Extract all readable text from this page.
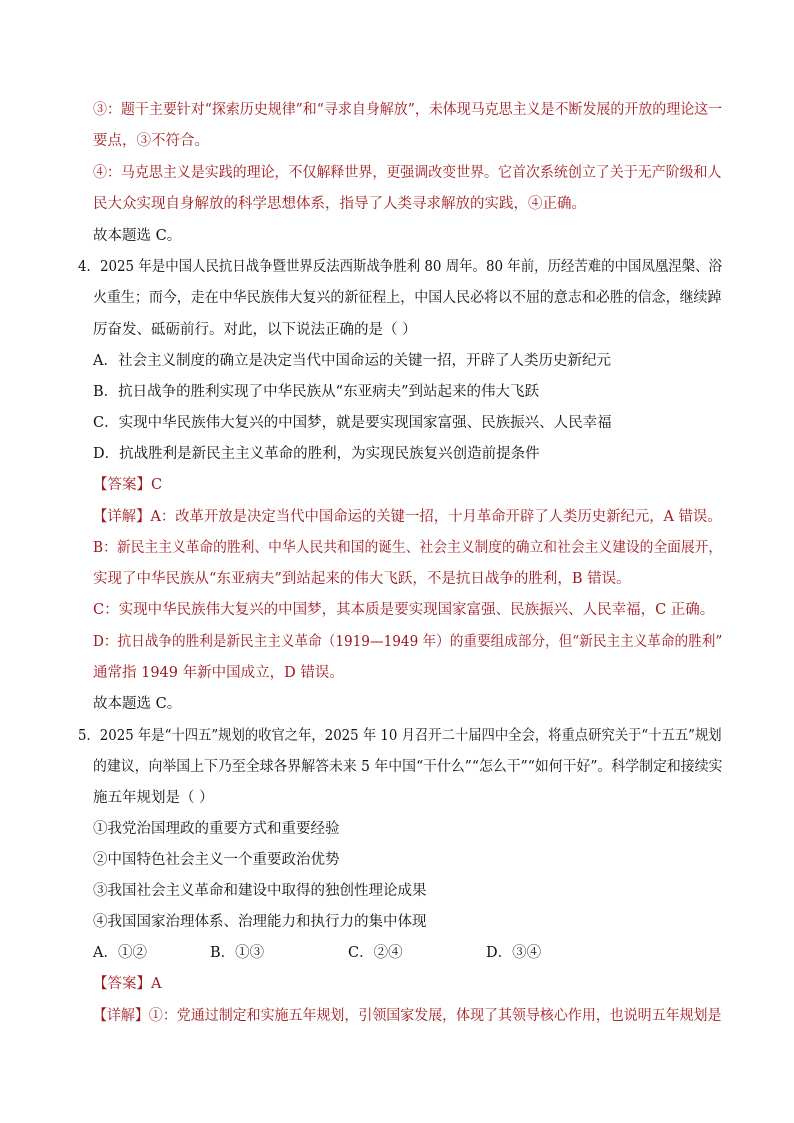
③：题干主要针对“探索历史规律”和“寻求自身解放”，未体现马克思主义是不断发展的开放的理论这一
要点，③不符合。
④：马克思主义是实践的理论，不仅解释世界，更强调改变世界。它首次系统创立了关于无产阶级和人
民大众实现自身解放的科学思想体系，指导了人类寻求解放的实践，④正确。
故本题选 C。
4．2025 年是中国人民抗日战争暨世界反法西斯战争胜利 80 周年。80 年前，历经苦难的中国凤凰涅槃、浴
火重生；而今，走在中华民族伟大复兴的新征程上，中国人民必将以不屈的意志和必胜的信念，继续踔
厉奋发、砥砺前行。对此，以下说法正确的是（ ）
A．社会主义制度的确立是决定当代中国命运的关键一招，开辟了人类历史新纪元
B．抗日战争的胜利实现了中华民族从“东亚病夫”到站起来的伟大飞跃
C．实现中华民族伟大复兴的中国梦，就是要实现国家富强、民族振兴、人民幸福
D．抗战胜利是新民主主义革命的胜利，为实现民族复兴创造前提条件
【答案】C
【详解】A：改革开放是决定当代中国命运的关键一招，十月革命开辟了人类历史新纪元，A 错误。
B：新民主主义革命的胜利、中华人民共和国的诞生、社会主义制度的确立和社会主义建设的全面展开，
实现了中华民族从“东亚病夫”到站起来的伟大飞跃，不是抗日战争的胜利，B 错误。
C：实现中华民族伟大复兴的中国梦，其本质是要实现国家富强、民族振兴、人民幸福，C 正确。
D：抗日战争的胜利是新民主主义革命（1919—1949 年）的重要组成部分，但“新民主主义革命的胜利”
通常指 1949 年新中国成立，D 错误。
故本题选 C。
5．2025 年是“十四五”规划的收官之年，2025 年 10 月召开二十届四中全会，将重点研究关于“十五五”规划
的建议，向举国上下乃至全球各界解答未来 5 年中国“干什么”“怎么干”“如何干好”。科学制定和接续实
施五年规划是（ ）
①我党治国理政的重要方式和重要经验
②中国特色社会主义一个重要政治优势
③我国社会主义革命和建设中取得的独创性理论成果
④我国国家治理体系、治理能力和执行力的集中体现
A．①②	B．①③	C．②④	D．③④
【答案】A
【详解】①：党通过制定和实施五年规划，引领国家发展，体现了其领导核心作用，也说明五年规划是
